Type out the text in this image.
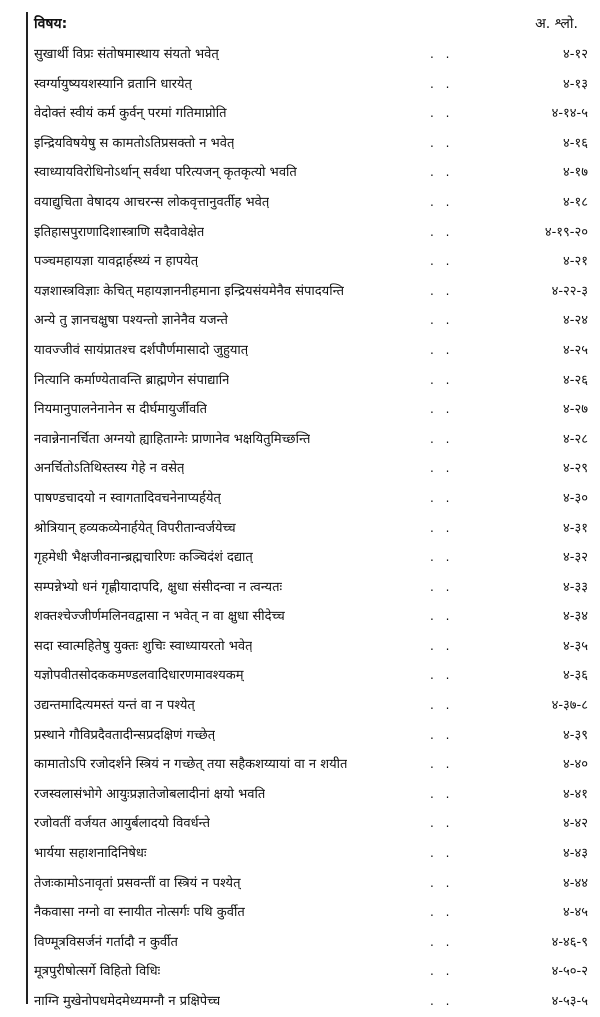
विषय:	अ. श्लो.
सुखार्थी विप्रः संतोषमास्थाय संयतो भवेत्	. .	४-१२
स्वर्ग्यायुष्ययशस्यानि व्रतानि धारयेत्	. .	४-१३
वेदोक्तं स्वीयं कर्म कुर्वन् परमां गतिमाप्नोति	. .	४-१४-५
इन्द्रियविषयेषु स कामतोऽतिप्रसक्तो न भवेत्	. .	४-१६
स्वाध्यायविरोधिनोऽर्थान् सर्वथा परित्यजन् कृतकृत्यो भवति	. .	४-१७
वयाद्युचिता वेषादय आचरन्स लोकवृत्तानुवर्तीह भवेत्	. .	४-१८
इतिहासपुराणादिशास्त्राणि सदैवावेक्षेत	. .	४-१९-२०
पञ्चमहायज्ञा यावद्गार्हस्थ्यं न हापयेत्	. .	४-२१
यज्ञशास्त्रविज्ञाः केचित् महायज्ञाननीहमाना इन्द्रियसंयमेनैव संपादयन्ति	. .	४-२२-३
अन्ये तु ज्ञानचक्षुषा पश्यन्तो ज्ञानेनैव यजन्ते	. .	४-२४
यावज्जीवं सायंप्रातश्च दर्शपौर्णमासादो जुहुयात्	. .	४-२५
नित्यानि कर्माण्येतावन्ति ब्राह्मणेन संपाद्यानि	. .	४-२६
नियमानुपालनेनानेन स दीर्घमायुर्जीवति	. .	४-२७
नवान्नेनानर्चिता अग्नयो ह्याहिताग्नेः प्राणानेव भक्षयितुमिच्छन्ति	. .	४-२८
अनर्चितोऽतिथिस्तस्य गेहे न वसेत्	. .	४-२९
पाषण्डचादयो न स्वागतादिवचनेनाप्यर्हयेत्	. .	४-३०
श्रोत्रियान् हव्यकव्येनार्हयेत् विपरीतान्वर्जयेच्च	. .	४-३१
गृहमेधी भैक्षजीवनान्ब्रह्मचारिणः कञ्चिदंशं दद्यात्	. .	४-३२
सम्पन्नेभ्यो धनं गृह्णीयादापदि, क्षुधा संसीदन्वा न त्वन्यतः	. .	४-३३
शक्तश्चेज्जीर्णमलिनवद्वासा न भवेत् न वा क्षुधा सीदेच्च	. .	४-३४
सदा स्वात्महितेषु युक्तः शुचिः स्वाध्यायरतो भवेत्	. .	४-३५
यज्ञोपवीतसोदककमण्डलवादिधारणमावश्यकम्	. .	४-३६
उद्यन्तमादित्यमस्तं यन्तं वा न पश्येत्	. .	४-३७-८
प्रस्थाने गौविप्रदैवतादीन्सप्रदक्षिणं गच्छेत्	. .	४-३९
कामातोऽपि रजोदर्शने स्त्रियं न गच्छेत् तया सहैकशय्यायां वा न शयीत	. .	४-४०
रजस्वलासंभोगे आयुःप्रज्ञातेजोबलादीनां क्षयो भवति	. .	४-४१
रजोवतीं वर्जयत आयुर्बलादयो विवर्धन्ते	. .	४-४२
भार्यया सहाशनादिनिषेधः	. .	४-४३
तेजःकामोऽनावृतां प्रसवन्तीं वा स्त्रियं न पश्येत्	. .	४-४४
नैकवासा नग्नो वा स्नायीत नोत्सर्गः पथि कुर्वीत	. .	४-४५
विण्मूत्रविसर्जनं गर्तादौ न कुर्वीत	. .	४-४६-९
मूत्रपुरीषोत्सर्गे विहितो विधिः	. .	४-५०-२
नाग्नि मुखेनोपधमेदमेध्यमग्नौ न प्रक्षिपेच्च	. .	४-५३-५
